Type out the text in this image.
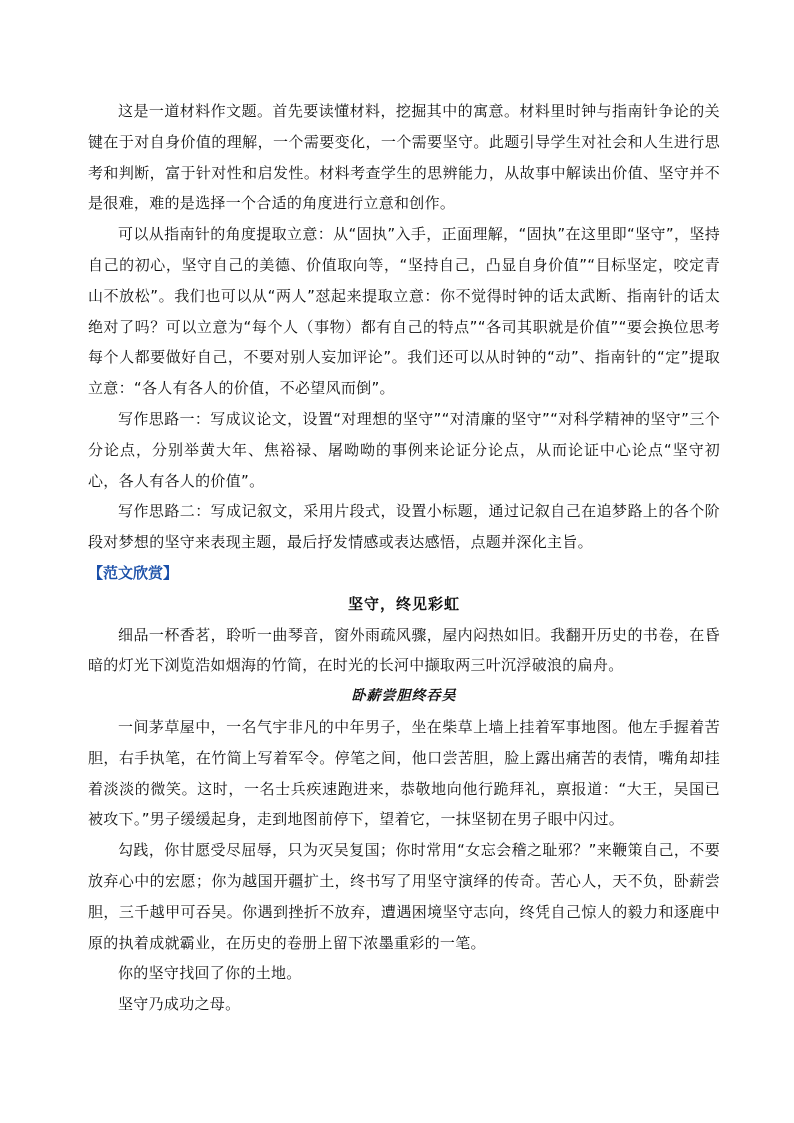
这是一道材料作文题。首先要读懂材料，挖掘其中的寓意。材料里时钟与指南针争论的关键在于对自身价值的理解，一个需要变化，一个需要坚守。此题引导学生对社会和人生进行思考和判断，富于针对性和启发性。材料考查学生的思辨能力，从故事中解读出价值、坚守并不是很难，难的是选择一个合适的角度进行立意和创作。

可以从指南针的角度提取立意：从“固执”入手，正面理解，“固执”在这里即“坚守”，坚持自己的初心，坚守自己的美德、价值取向等，“坚持自己，凸显自身价值”“目标坚定，咬定青山不放松”。我们也可以从“两人”怼起来提取立意：你不觉得时钟的话太武断、指南针的话太绝对了吗？可以立意为“每个人（事物）都有自己的特点”“各司其职就是价值”“要会换位思考每个人都要做好自己，不要对别人妄加评论”。我们还可以从时钟的“动”、指南针的“定”提取立意：“各人有各人的价值，不必望风而倒”。

写作思路一：写成议论文，设置“对理想的坚守”“对清廉的坚守”“对科学精神的坚守”三个分论点，分别举黄大年、焦裕禄、屠呦呦的事例来论证分论点，从而论证中心论点“坚守初心，各人有各人的价值”。

写作思路二：写成记叙文，采用片段式，设置小标题，通过记叙自己在追梦路上的各个阶段对梦想的坚守来表现主题，最后抒发情感或表达感悟，点题并深化主旨。

【范文欣赏】

坚守，终见彩虹

细品一杯香茗，聆听一曲琴音，窗外雨疏风骤，屋内闷热如旧。我翻开历史的书卷，在昏暗的灯光下浏览浩如烟海的竹简，在时光的长河中撷取两三叶沉浮破浪的扁舟。

卧薪尝胆终吞吴

一间茅草屋中，一名气宇非凡的中年男子，坐在柴草上墙上挂着军事地图。他左手握着苦胆，右手执笔，在竹简上写着军令。停笔之间，他口尝苦胆，脸上露出痛苦的表情，嘴角却挂着淡淡的微笑。这时，一名士兵疾速跑进来，恭敬地向他行跪拜礼，禀报道：“大王，吴国已被攻下。”男子缓缓起身，走到地图前停下，望着它，一抹坚韧在男子眼中闪过。

勾践，你甘愿受尽屈辱，只为灭吴复国；你时常用“女忘会稽之耻邪？”来鞭策自己，不要放弃心中的宏愿；你为越国开疆扩土，终书写了用坚守演绎的传奇。苦心人，天不负，卧薪尝胆，三千越甲可吞吴。你遇到挫折不放弃，遭遇困境坚守志向，终凭自己惊人的毅力和逐鹿中原的执着成就霸业，在历史的卷册上留下浓墨重彩的一笔。

你的坚守找回了你的土地。

坚守乃成功之母。
